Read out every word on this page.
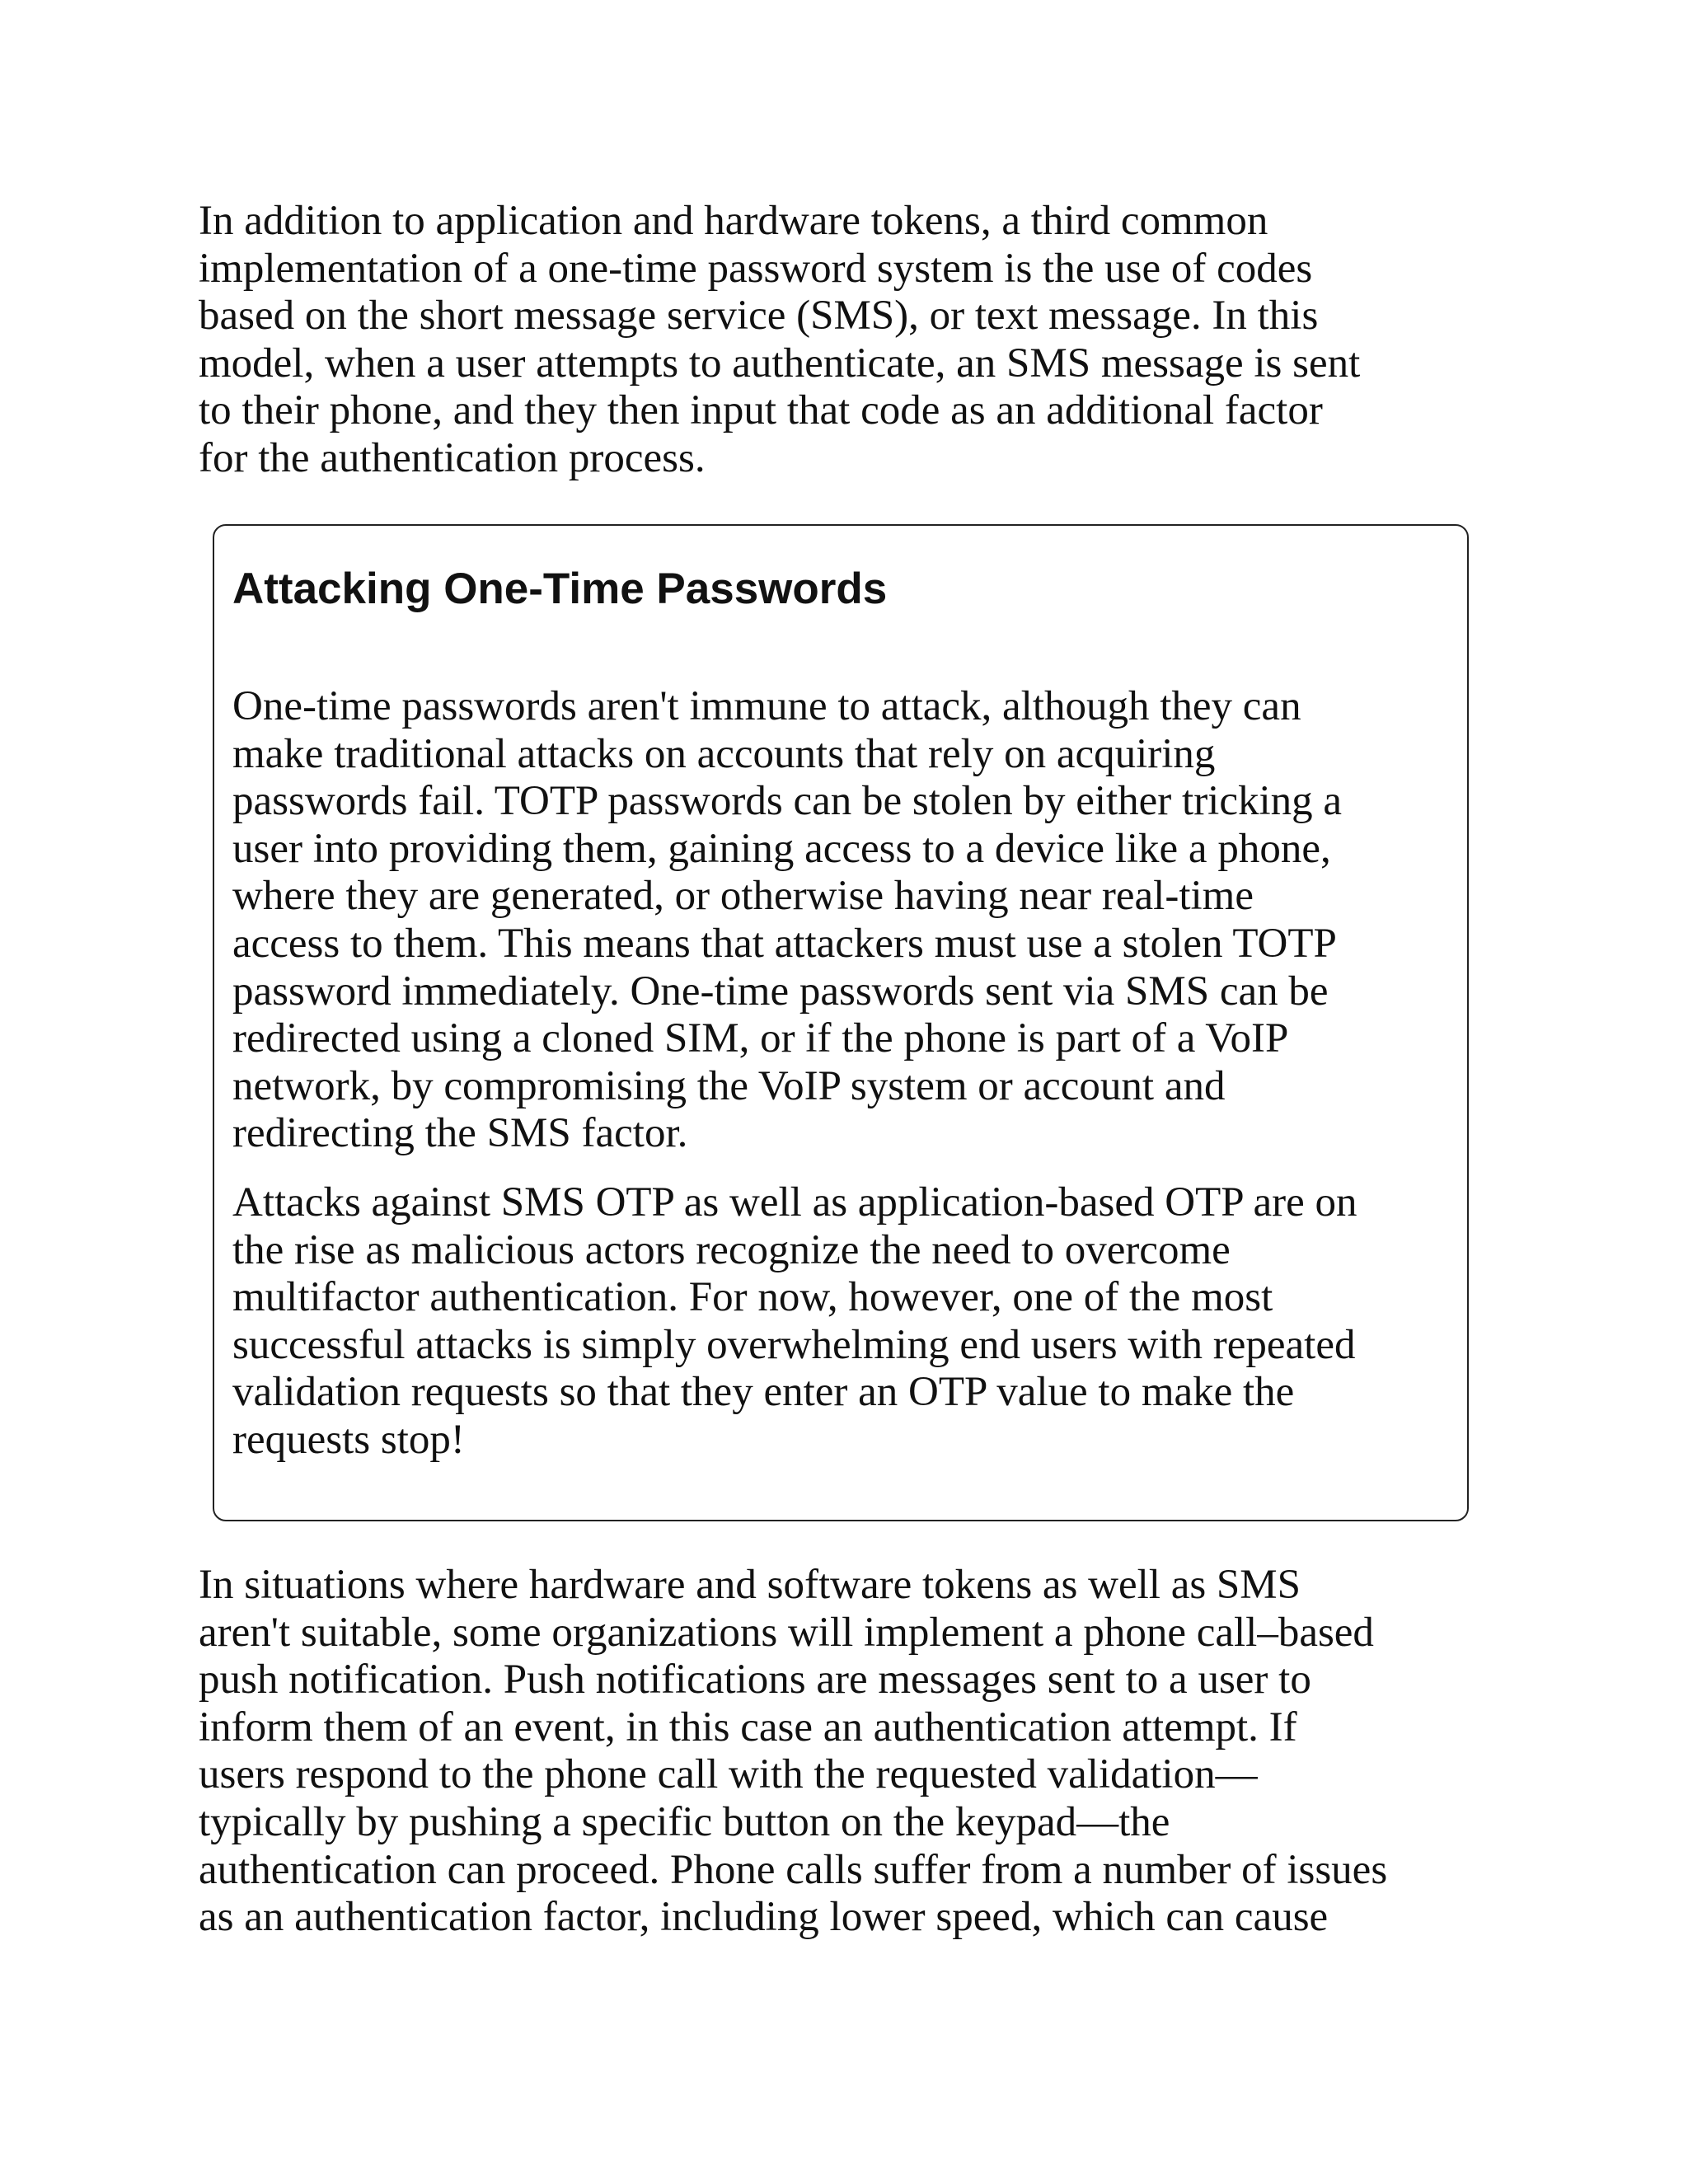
In addition to application and hardware tokens, a third common
implementation of a one-time password system is the use of codes
based on the short message service (SMS), or text message. In this
model, when a user attempts to authenticate, an SMS message is sent
to their phone, and they then input that code as an additional factor
for the authentication process.

Attacking One-Time Passwords

One-time passwords aren't immune to attack, although they can
make traditional attacks on accounts that rely on acquiring
passwords fail. TOTP passwords can be stolen by either tricking a
user into providing them, gaining access to a device like a phone,
where they are generated, or otherwise having near real-time
access to them. This means that attackers must use a stolen TOTP
password immediately. One-time passwords sent via SMS can be
redirected using a cloned SIM, or if the phone is part of a VoIP
network, by compromising the VoIP system or account and
redirecting the SMS factor.

Attacks against SMS OTP as well as application-based OTP are on
the rise as malicious actors recognize the need to overcome
multifactor authentication. For now, however, one of the most
successful attacks is simply overwhelming end users with repeated
validation requests so that they enter an OTP value to make the
requests stop!

In situations where hardware and software tokens as well as SMS
aren't suitable, some organizations will implement a phone call–based
push notification. Push notifications are messages sent to a user to
inform them of an event, in this case an authentication attempt. If
users respond to the phone call with the requested validation—
typically by pushing a specific button on the keypad—the
authentication can proceed. Phone calls suffer from a number of issues
as an authentication factor, including lower speed, which can cause
